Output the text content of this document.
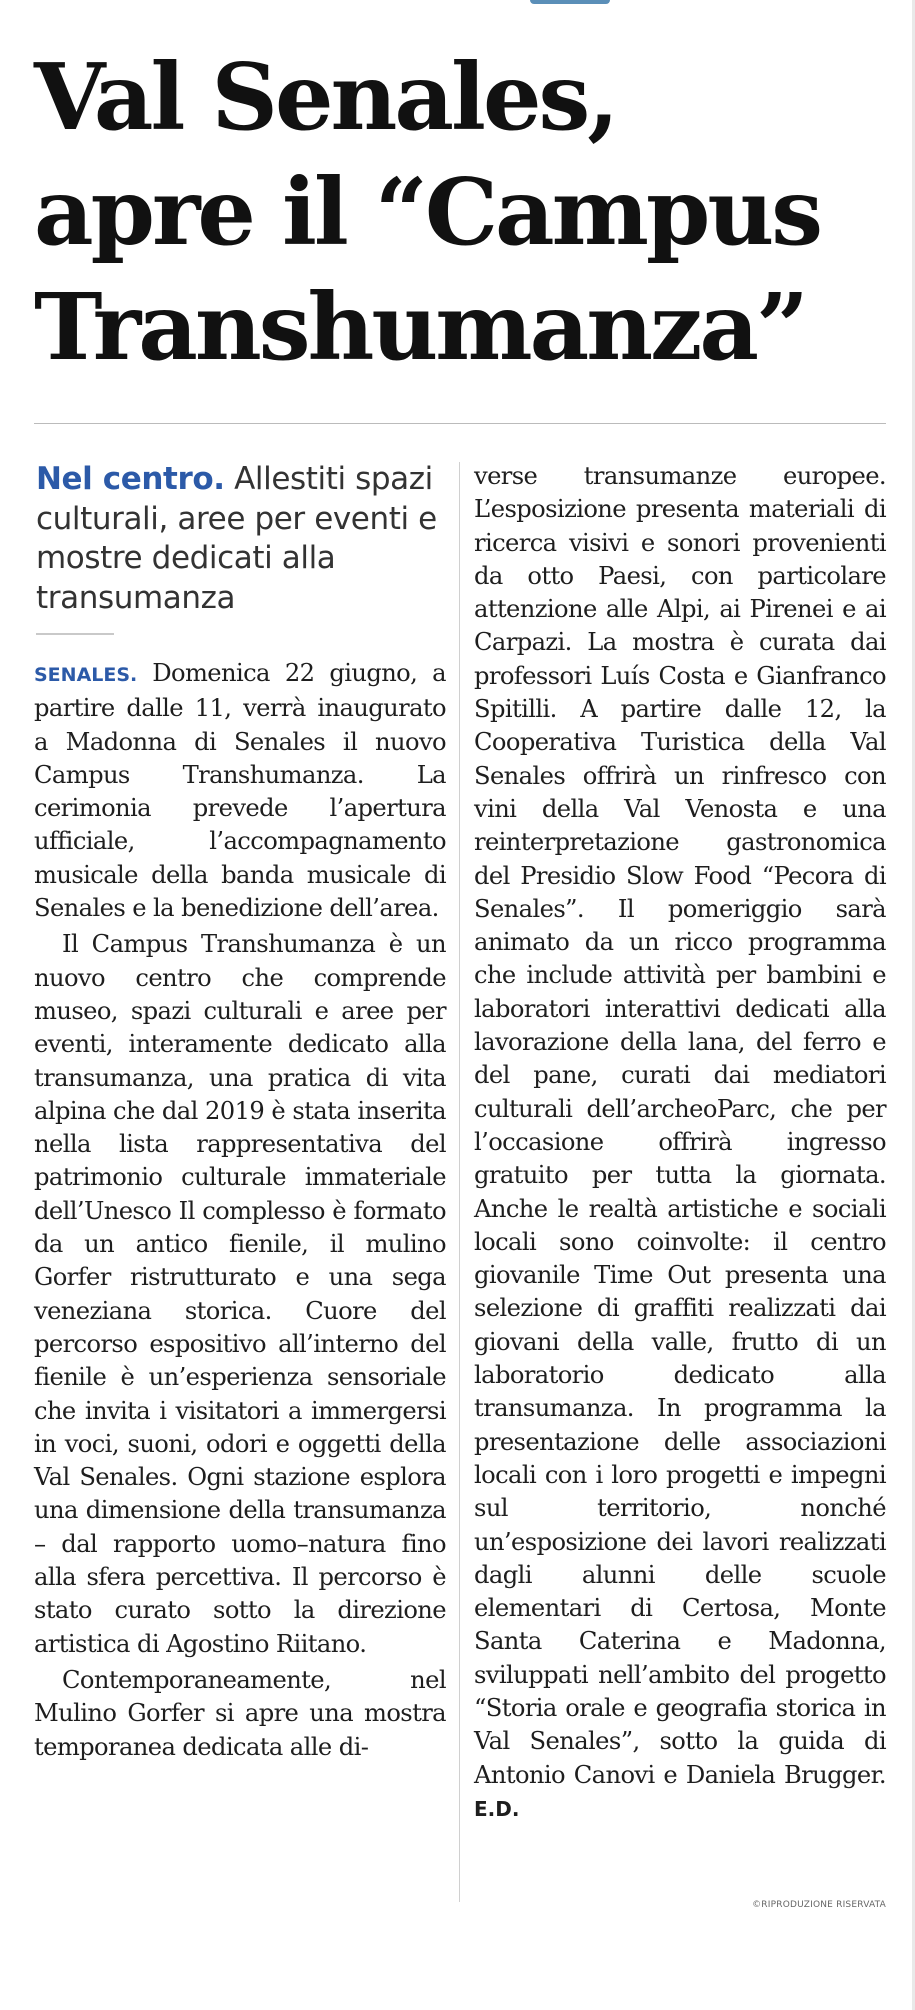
Val Senales,
apre il “Campus
Transhumanza”

Nel centro. Allestiti spazi culturali, aree per eventi e mostre dedicati alla transumanza

SENALES. Domenica 22 giugno, a partire dalle 11, verrà inaugurato a Madonna di Senales il nuovo Campus Transhumanza. La cerimonia prevede l’apertura ufficiale, l’accompagnamento musicale della banda musicale di Senales e la benedizione dell’area.

Il Campus Transhumanza è un nuovo centro che comprende museo, spazi culturali e aree per eventi, interamente dedicato alla transumanza, una pratica di vita alpina che dal 2019 è stata inserita nella lista rappresentativa del patrimonio culturale immateriale dell’Unesco Il complesso è formato da un antico fienile, il mulino Gorfer ristrutturato e una sega veneziana storica. Cuore del percorso espositivo all’interno del fienile è un’esperienza sensoriale che invita i visitatori a immergersi in voci, suoni, odori e oggetti della Val Senales. Ogni stazione esplora una dimensione della transumanza – dal rapporto uomo–natura fino alla sfera percettiva. Il percorso è stato curato sotto la direzione artistica di Agostino Riitano.

Contemporaneamente, nel Mulino Gorfer si apre una mostra temporanea dedicata alle di-

verse transumanze europee. L’esposizione presenta materiali di ricerca visivi e sonori provenienti da otto Paesi, con particolare attenzione alle Alpi, ai Pirenei e ai Carpazi. La mostra è curata dai professori Luís Costa e Gianfranco Spitilli. A partire dalle 12, la Cooperativa Turistica della Val Senales offrirà un rinfresco con vini della Val Venosta e una reinterpretazione gastronomica del Presidio Slow Food “Pecora di Senales”. Il pomeriggio sarà animato da un ricco programma che include attività per bambini e laboratori interattivi dedicati alla lavorazione della lana, del ferro e del pane, curati dai mediatori culturali dell’archeoParc, che per l’occasione offrirà ingresso gratuito per tutta la giornata. Anche le realtà artistiche e sociali locali sono coinvolte: il centro giovanile Time Out presenta una selezione di graffiti realizzati dai giovani della valle, frutto di un laboratorio dedicato alla transumanza. In programma la presentazione delle associazioni locali con i loro progetti e impegni sul territorio, nonché un’esposizione dei lavori realizzati dagli alunni delle scuole elementari di Certosa, Monte Santa Caterina e Madonna, sviluppati nell’ambito del progetto “Storia orale e geografia storica in Val Senales”, sotto la guida di Antonio Canovi e Daniela Brugger. E.D.

©RIPRODUZIONE RISERVATA
